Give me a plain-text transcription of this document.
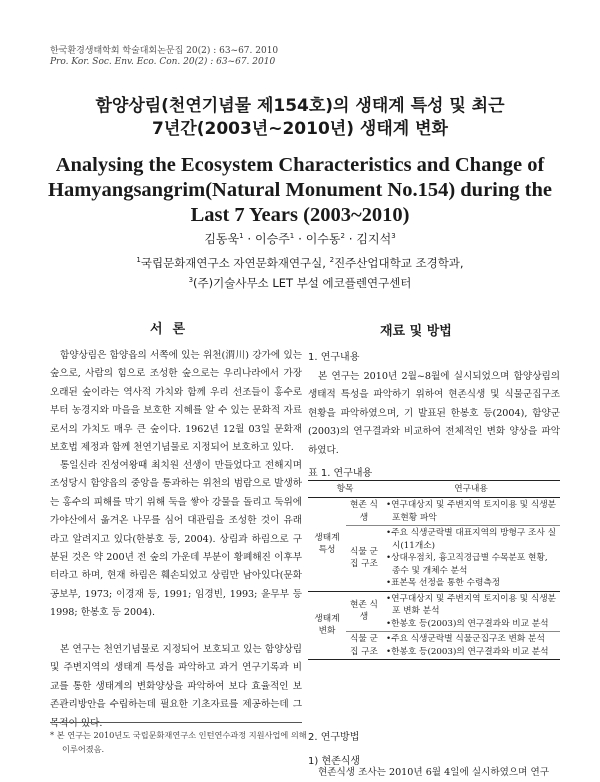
한국환경생태학회 학술대회논문집 20(2) : 63~67. 2010
Pro. Kor. Soc. Env. Eco. Con. 20(2) : 63~67. 2010
함양상림(천연기념물 제154호)의 생태계 특성 및 최근
7년간(2003년~2010년) 생태계 변화
Analysing the Ecosystem Characteristics and Change of
Hamyangsangrim(Natural Monument No.154) during the
Last 7 Years (2003~2010)
김동욱$^1$ · 이승주$^1$ · 이수동$^2$ · 김지석$^3$
$^1$국립문화재연구소 자연문화재연구실, $^2$진주산업대학교 조경학과,
$^3$(주)기술사무소 LET 부설 에코플렌연구센터
서론
함양상림은 함양읍의 서쪽에 있는 위천(渭川) 강가에 있는 숲으로, 사람의 힘으로 조성한 숲으로는 우리나라에서 가장 오래된 숲이라는 역사적 가치와 함께 우리 선조들이 홍수로부터 농경지와 마을을 보호한 지혜를 알 수 있는 문화적 자료로서의 가치도 매우 큰 숲이다. 1962년 12월 03일 문화재보호법 제정과 함께 천연기념물로 지정되어 보호하고 있다.
통일신라 진성여왕때 최치원 선생이 만들었다고 전해지며 조성당시 함양읍의 중앙을 통과하는 위천의 범람으로 발생하는 홍수의 피해를 막기 위해 둑을 쌓아 강물을 돌리고 둑위에 가야산에서 옮겨온 나무를 심어 대관림을 조성한 것이 유래라고 알려지고 있다(한봉호 등, 2004). 상림과 하림으로 구분된 것은 약 200년 전 숲의 가운데 부분이 황폐해진 이후부터라고 하며, 현재 하림은 훼손되었고 상림만 남아있다(문화공보부, 1973; 이경재 등, 1991; 임경빈, 1993; 윤무부 등 1998; 한봉호 등 2004).
본 연구는 천연기념물로 지정되어 보호되고 있는 함양상림 및 주변지역의 생태계 특성을 파악하고 과거 연구기록과 비교를 통한 생태계의 변화양상을 파악하여 보다 효율적인 보존관리방안을 수립하는데 필요한 기초자료를 제공하는데 그 목적이 있다.
* 본 연구는 2010년도 국립문화재연구소 인턴연수과정 지원사업에 의해 이루어졌음.
재료 및 방법
1. 연구내용
본 연구는 2010년 2월~8월에 실시되었으며 함양상림의 생태적 특성을 파악하기 위하여 현존식생 및 식물군집구조 현황을 파악하였으며, 기 발표된 한봉호 등(2004), 함양군(2003)의 연구결과와 비교하여 전체적인 변화 양상을 파악하였다.
표 1. 연구내용
항목		연구내용
생태계 특성	현존 식생	•연구대상지 및 주변지역 토지이용 및 식생분포현황 파악

	식물 군집 구조	•주요 식생군락별 대표지역의 방형구 조사 실시(11개소)
•상대우점치, 흉고직경급별 수목분포 현황, 종수 및 개체수 분석
•표본목 선정을 통한 수령측정

생태계 변화	현존 식생	•연구대상지 및 주변지역 토지이용 및 식생분포 변화 분석
•한봉호 등(2003)의 연구결과와 비교 분석

	식물 군집 구조	•주요 식생군락별 식물군집구조 변화 분석
•한봉호 등(2003)의 연구결과와 비교 분석
2. 연구방법
1) 현존식생
현존식생 조사는 2010년 6월 4일에 실시하였으며 연구
